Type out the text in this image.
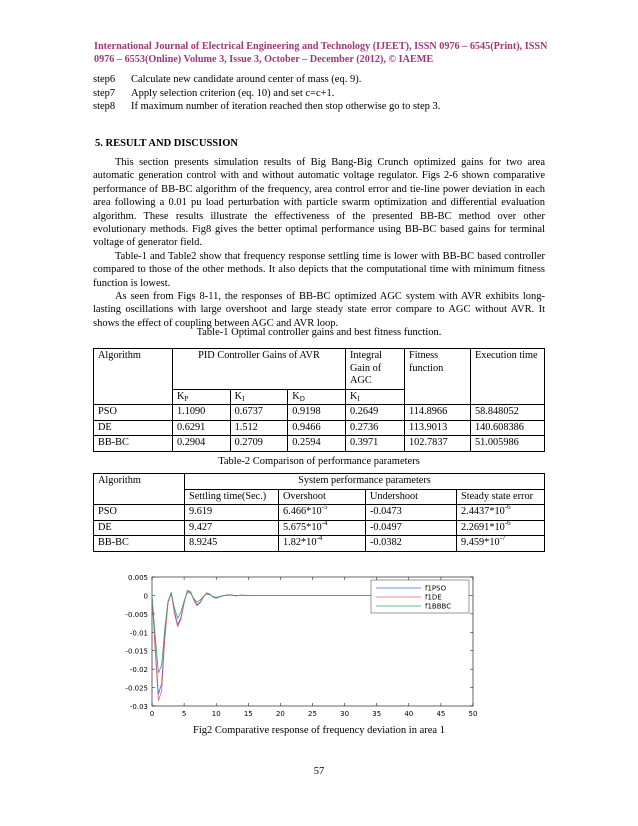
International Journal of Electrical Engineering and Technology (IJEET), ISSN 0976 – 6545(Print), ISSN
0976 – 6553(Online) Volume 3, Issue 3, October – December (2012), © IAEME
step6	Calculate new candidate around center of mass (eq. 9).
step7	Apply selection criterion (eq. 10) and set c=c+1.
step8	If maximum number of iteration reached then stop otherwise go to step 3.
5. RESULT AND DISCUSSION

This section presents simulation results of Big Bang-Big Crunch optimized gains for two area automatic generation control with and without automatic voltage regulator. Figs 2-6 shown comparative performance of BB-BC algorithm of the frequency, area control error and tie-line power deviation in each area following a 0.01 pu load perturbation with particle swarm optimization and differential evaluation algorithm. These results illustrate the effectiveness of the presented BB-BC method over other evolutionary methods. Fig8 gives the better optimal performance using BB-BC based gains for terminal voltage of generator field.

Table-1 and Table2 show that frequency response settling time is lower with BB-BC based controller compared to those of the other methods. It also depicts that the computational time with minimum fitness function is lowest.

As seen from Figs 8-11, the responses of BB-BC optimized AGC system with AVR exhibits long-lasting oscillations with large overshoot and large steady state error compare to AGC without AVR. It shows the effect of coupling between AGC and AVR loop.

Table-1 Optimal controller gains and best fitness function.
Algorithm	PID Controller Gains of AVR			Integral Gain of AGC	Fitness function	Execution time
	$K_P$	$K_I$	$K_D$	$K_I$
PSO	1.1090	0.6737	0.9198	0.2649	114.8966	58.848052
DE	0.6291	1.512	0.9466	0.2736	113.9013	140.608386
BB-BC	0.2904	0.2709	0.2594	0.3971	102.7837	51.005986
Table-2 Comparison of performance parameters
Algorithm	System performance parameters			
	Settling time(Sec.)	Overshoot	Undershoot	Steady state error
PSO	9.619	$6.466*10^{-5}$	-0.0473	$2.4437*10^{-6}$
DE	9.427	$5.675*10^{-4}$	-0.0497	$2.2691*10^{-6}$
BB-BC	8.9245	$1.82*10^{-4}$	-0.0382	$9.459*10^{-7}$
0.005
0
-0.005
-0.01
-0.015
-0.02
-0.025
-0.03
0	5	10	15	20	25	30	35	40	45	50
f1PSO
f1DE
f1BBBC
Fig2 Comparative response of frequency deviation in area 1
57
